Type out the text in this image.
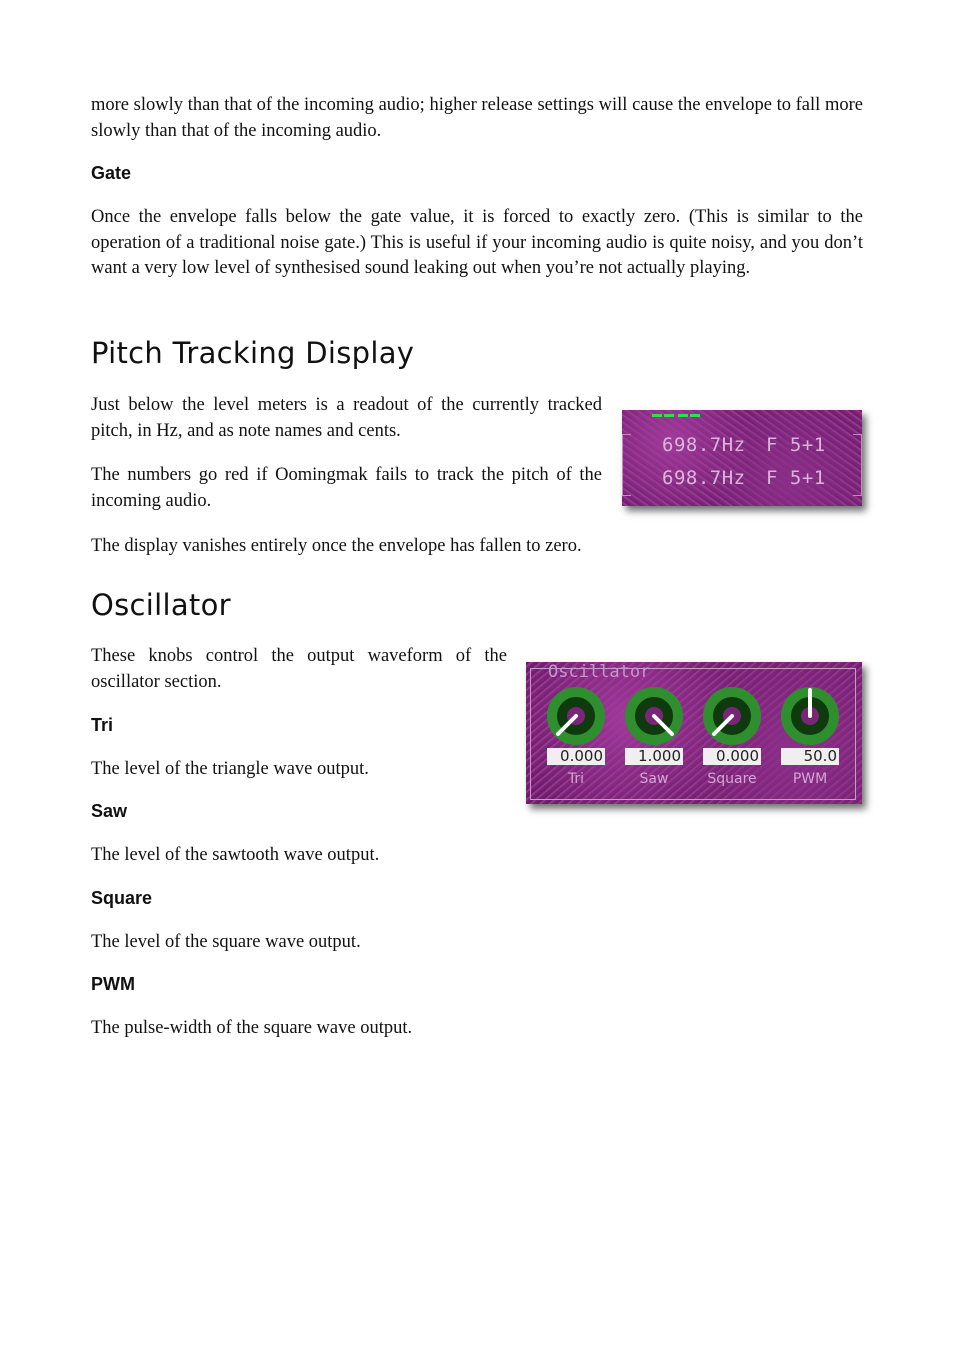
more slowly than that of the incoming audio; higher release settings will cause the envelope to fall more slowly than that of the incoming audio.

Gate

Once the envelope falls below the gate value, it is forced to exactly zero. (This is similar to the operation of a traditional noise gate.) This is useful if your incoming audio is quite noisy, and you don’t want a very low level of synthesised sound leaking out when you’re not actually playing.

Pitch Tracking Display

Just below the level meters is a readout of the currently tracked pitch, in Hz, and as note names and cents.

The numbers go red if Oomingmak fails to track the pitch of the incoming audio.

The display vanishes entirely once the envelope has fallen to zero.

698.7Hz F 5+1
698.7Hz F 5+1
Oscillator

These knobs control the output waveform of the oscillator section.	Oscillator
0.000
Tri
1.000
Saw
0.000
Square
50.0
PWM
Tri

The level of the triangle wave output.

Saw

The level of the sawtooth wave output.

Square

The level of the square wave output.

PWM

The pulse-width of the square wave output.
